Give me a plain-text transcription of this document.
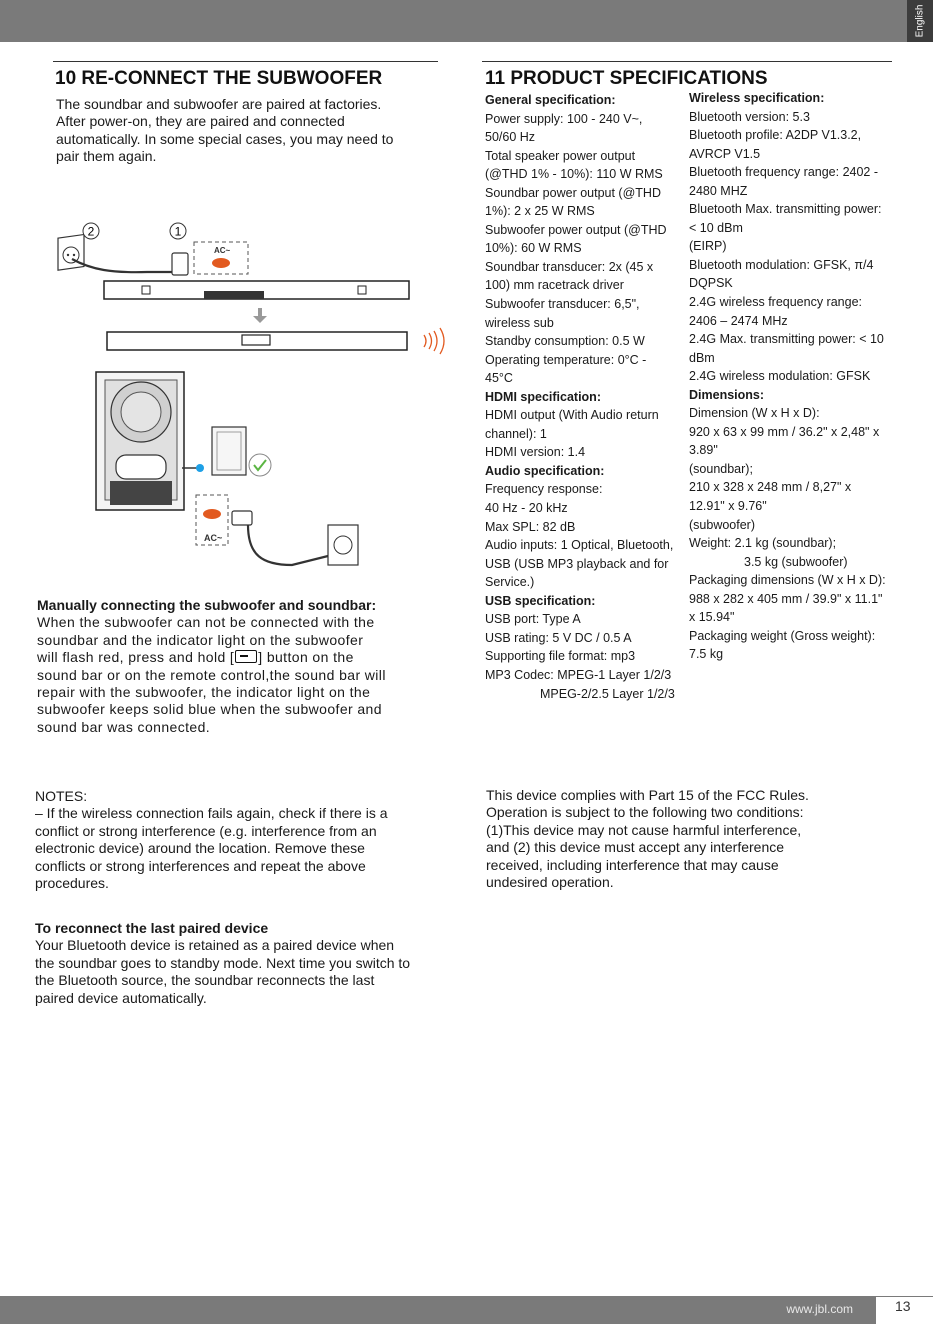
English
10 RE-CONNECT THE SUBWOOFER
The soundbar and subwoofer are paired at factories.
After power-on, they are paired and connected
automatically. In some special cases, you may need to
pair them again.
2	1
AC~
AC~
Manually connecting the subwoofer and soundbar:
When the subwoofer can not be connected with the
soundbar and the indicator light on the subwoofer
will flash red, press and hold [ ] button on the
sound bar or on the remote control,the sound bar will
repair with the subwoofer, the indicator light on the
subwoofer keeps solid blue when the subwoofer and
sound bar was connected.
NOTES:
– If the wireless connection fails again, check if there is a
conflict or strong interference (e.g. interference from an
electronic device) around the location. Remove these
conflicts or strong interferences and repeat the above
procedures.
To reconnect the last paired device
Your Bluetooth device is retained as a paired device when
the soundbar goes to standby mode. Next time you switch to
the Bluetooth source, the soundbar reconnects the last
paired device automatically.
11 PRODUCT SPECIFICATIONS
General specification:
Power supply: 100 - 240 V~,
50/60 Hz
Total speaker power output
(@THD 1% - 10%): 110 W RMS
Soundbar power output (@THD
1%): 2 x 25 W RMS
Subwoofer power output (@THD
10%): 60 W RMS
Soundbar transducer: 2x (45 x
100) mm racetrack driver
Subwoofer transducer: 6,5",
wireless sub
Standby consumption: 0.5 W
Operating temperature: 0°C -
45°C
HDMI specification:
HDMI output (With Audio return
channel): 1
HDMI version: 1.4
Audio specification:
Frequency response:
40 Hz - 20 kHz
Max SPL: 82 dB
Audio inputs: 1 Optical, Bluetooth,
USB (USB MP3 playback and for
Service.)
USB specification:
USB port: Type A
USB rating: 5 V DC / 0.5 A
Supporting file format: mp3
MP3 Codec: MPEG-1 Layer 1/2/3
MPEG-2/2.5 Layer 1/2/3
Wireless specification:
Bluetooth version: 5.3
Bluetooth profile: A2DP V1.3.2,
AVRCP V1.5
Bluetooth frequency range: 2402 -
2480 MHZ
Bluetooth Max. transmitting power:
< 10 dBm
(EIRP)
Bluetooth modulation: GFSK, π/4
DQPSK
2.4G wireless frequency range:
2406 – 2474 MHz
2.4G Max. transmitting power: < 10
dBm
2.4G wireless modulation: GFSK
Dimensions:
Dimension (W x H x D):
920 x 63 x 99 mm / 36.2" x 2,48" x
3.89"
(soundbar);
210 x 328 x 248 mm / 8,27" x
12.91" x 9.76"
(subwoofer)
Weight: 2.1 kg (soundbar);
3.5 kg (subwoofer)
Packaging dimensions (W x H x D):
988 x 282 x 405 mm / 39.9" x 11.1"
x 15.94"
Packaging weight (Gross weight):
7.5 kg
This device complies with Part 15 of the FCC Rules.
Operation is subject to the following two conditions:
(1)This device may not cause harmful interference,
and (2) this device must accept any interference
received, including interference that may cause
undesired operation.
www.jbl.com	13
